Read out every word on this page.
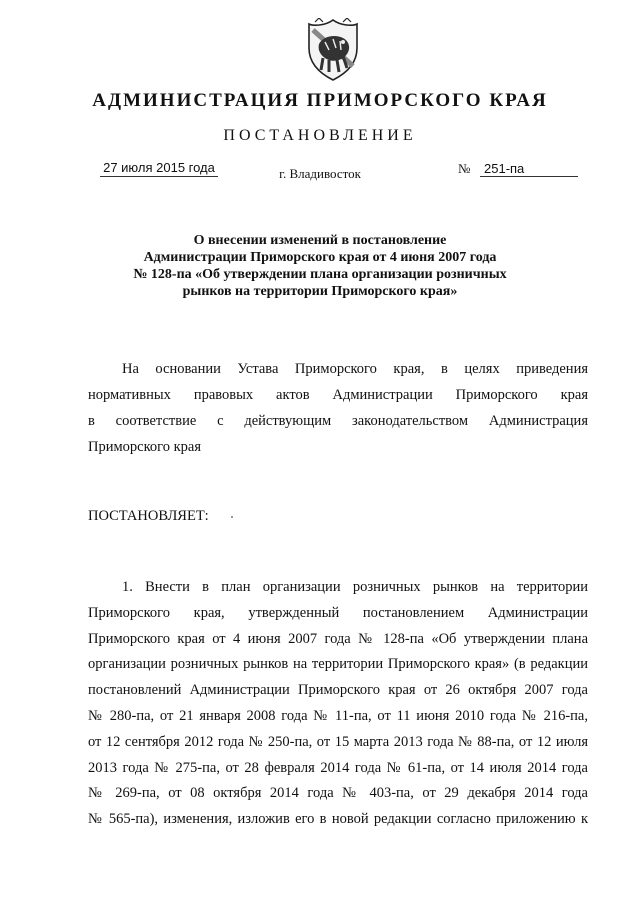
АДМИНИСТРАЦИЯ ПРИМОРСКОГО КРАЯ
ПОСТАНОВЛЕНИЕ
27 июля 2015 года	г. Владивосток	№ 251-па
О внесении изменений в постановление
Администрации Приморского края от 4 июня 2007 года
№ 128-па «Об утверждении плана организации розничных
рынков на территории Приморского края»
На основании Устава Приморского края, в целях приведения
нормативных правовых актов Администрации Приморского края
в соответствие с действующим законодательством Администрация
Приморского края
ПОСТАНОВЛЯЕТ:
1. Внести в план организации розничных рынков на территории
Приморского края, утвержденный постановлением Администрации
Приморского края от 4 июня 2007 года № 128-па «Об утверждении плана
организации розничных рынков на территории Приморского края» (в редакции
постановлений Администрации Приморского края от 26 октября 2007 года
№ 280-па, от 21 января 2008 года № 11-па, от 11 июня 2010 года № 216-па,
от 12 сентября 2012 года № 250-па, от 15 марта 2013 года № 88-па, от 12 июля
2013 года № 275-па, от 28 февраля 2014 года № 61-па, от 14 июля 2014 года
№ 269-па, от 08 октября 2014 года № 403-па, от 29 декабря 2014 года
№ 565-па), изменения, изложив его в новой редакции согласно приложению к
